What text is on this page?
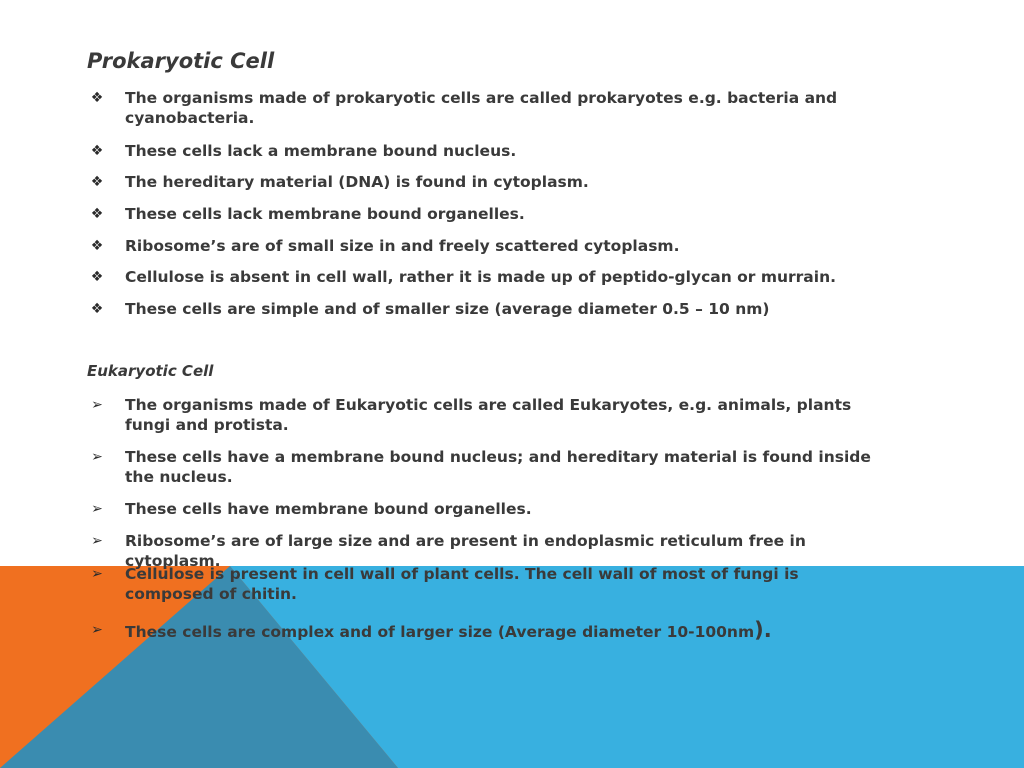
Prokaryotic Cell
❖ The organisms made of prokaryotic cells are called prokaryotes e.g. bacteria and cyanobacteria.
❖ These cells lack a membrane bound nucleus.
❖ The hereditary material (DNA) is found in cytoplasm.
❖ These cells lack membrane bound organelles.
❖ Ribosome’s are of small size in and freely scattered cytoplasm.
❖ Cellulose is absent in cell wall, rather it is made up of peptido-glycan or murrain.
❖ These cells are simple and of smaller size (average diameter 0.5 – 10 nm)
Eukaryotic Cell
➢ The organisms made of Eukaryotic cells are called Eukaryotes, e.g. animals, plants fungi and protista.
➢ These cells have a membrane bound nucleus; and hereditary material is found inside the nucleus.
➢ These cells have membrane bound organelles.
➢ Ribosome’s are of large size and are present in endoplasmic reticulum free in cytoplasm.
➢ Cellulose is present in cell wall of plant cells. The cell wall of most of fungi is composed of chitin.
➢ These cells are complex and of larger size (Average diameter 10-100nm).
